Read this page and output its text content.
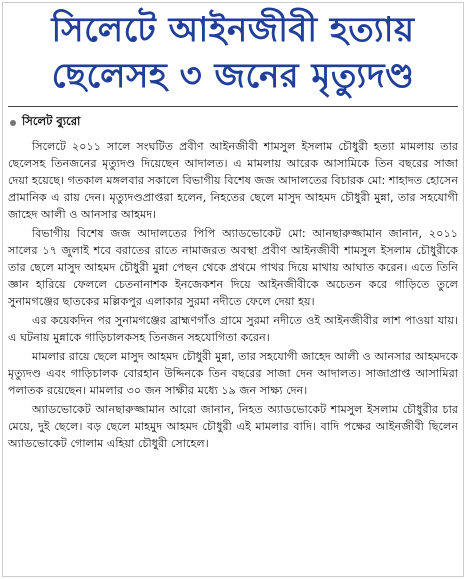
সিলেটে আইনজীবী হত্যায়
ছেলেসহ ৩ জনের মৃত্যুদণ্ড
সিলেট ব্যুরো

সিলেটে ২০১১ সালে সংঘটিত প্রবীণ আইনজীবী শামসুল ইসলাম চৌধুরী হত্যা মামলায় তার ছেলেসহ তিনজনের মৃত্যুদণ্ড দিয়েছেন আদালত। এ মামলায় আরেক আসামিকে তিন বছরের সাজা দেয়া হয়েছে। গতকাল মঙ্গলবার সকালে বিভাগীয় বিশেষ জজ আদালতের বিচারক মো: শাহাদত হোসেন প্রামানিক এ রায় দেন। মৃত্যুদণ্ডপ্রাপ্তরা হলেন, নিহতের ছেলে মাসুদ আহমদ চৌধুরী মুন্না, তার সহযোগী জাহেদ আলী ও আনসার আহমদ।

বিভাগীয় বিশেষ জজ আদালতের পিপি অ্যাডভোকেট মো: আনছারুজ্জামান জানান, ২০১১ সালের ১৭ জুলাই শবে বরাতের রাতে নামাজরত অবস্থা প্রবীণ আইনজীবী শামসুল ইসলাম চৌধুরীকে তার ছেলে মাসুদ আহমদ চৌধুরী মুন্না পেছন থেকে প্রথমে পাথর দিয়ে মাথায় আঘাত করেন। এতে তিনি জ্ঞান হারিয়ে ফেললে চেতনানাশক ইনজেকশন দিয়ে আইনজীবীকে অচেতন করে গাড়িতে তুলে সুনামগঞ্জের ছাতকের মল্লিকপুর এলাকার সুরমা নদীতে ফেলে দেয়া হয়।

এর কয়েকদিন পর সুনামগঞ্জের ব্রাহ্মণগাঁও গ্রামে সুরমা নদীতে ওই আইনজীবীর লাশ পাওয়া যায়। এ ঘটনায় মুন্নাকে গাড়িচালকসহ তিনজন সহযোগিতা করেন।

মামলার রায়ে ছেলে মাসুদ আহমদ চৌধুরী মুন্না, তার সহযোগী জাহেদ আলী ও আনসার আহমদকে মৃত্যুদণ্ড এবং গাড়িচালক বোরহান উদ্দিনকে তিন বছরের সাজা দেন আদালত। সাজাপ্রাপ্ত আসামিরা পলাতক রয়েছেন। মামলার ৩০ জন সাক্ষীর মধ্যে ১৯ জন সাক্ষ্য দেন।

অ্যাডভোকেট আনছারুজ্জামান আরো জানান, নিহত অ্যাডভোকেট শামসুল ইসলাম চৌধুরীর চার মেয়ে, দুই ছেলে। বড় ছেলে মাহমুদ আহমদ চৌধুরী এই মামলার বাদি। বাদি পক্ষের আইনজীবী ছিলেন অ্যাডভোকেট গোলাম এহিয়া চৌধুরী সোহেল।
